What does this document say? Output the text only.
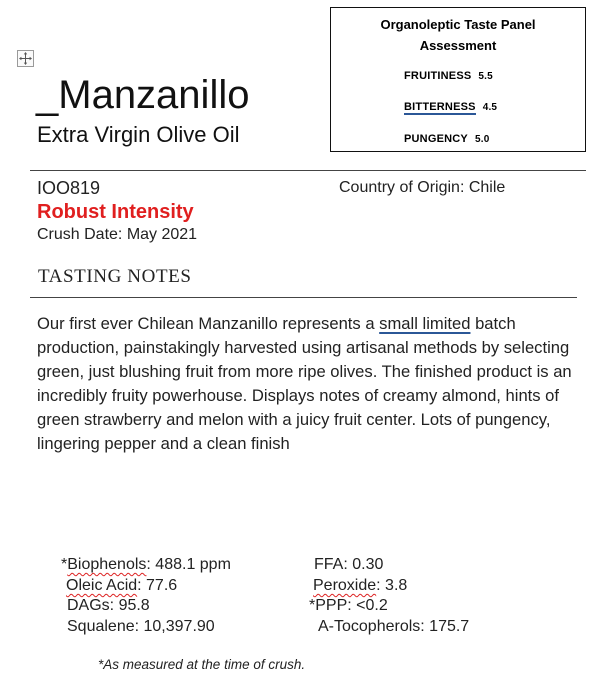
Organoleptic Taste Panel
Assessment
FRUITINESS 5.5
BITTERNESS 4.5
PUNGENCY 5.0
_Manzanillo
Extra Virgin Olive Oil
IOO819	Country of Origin: Chile
Robust Intensity
Crush Date: May 2021
TASTING NOTES
Our first ever Chilean Manzanillo represents a small limited batch production, painstakingly harvested using artisanal methods by selecting green, just blushing fruit from more ripe olives. The finished product is an incredibly fruity powerhouse. Displays notes of creamy almond, hints of green strawberry and melon with a juicy fruit center. Lots of pungency, lingering pepper and a clean finish
*Biophenols: 488.1 ppm
Oleic Acid: 77.6
DAGs: 95.8
Squalene: 10,397.90
FFA: 0.30
Peroxide: 3.8
*PPP: <0.2
A-Tocopherols: 175.7
*As measured at the time of crush.
